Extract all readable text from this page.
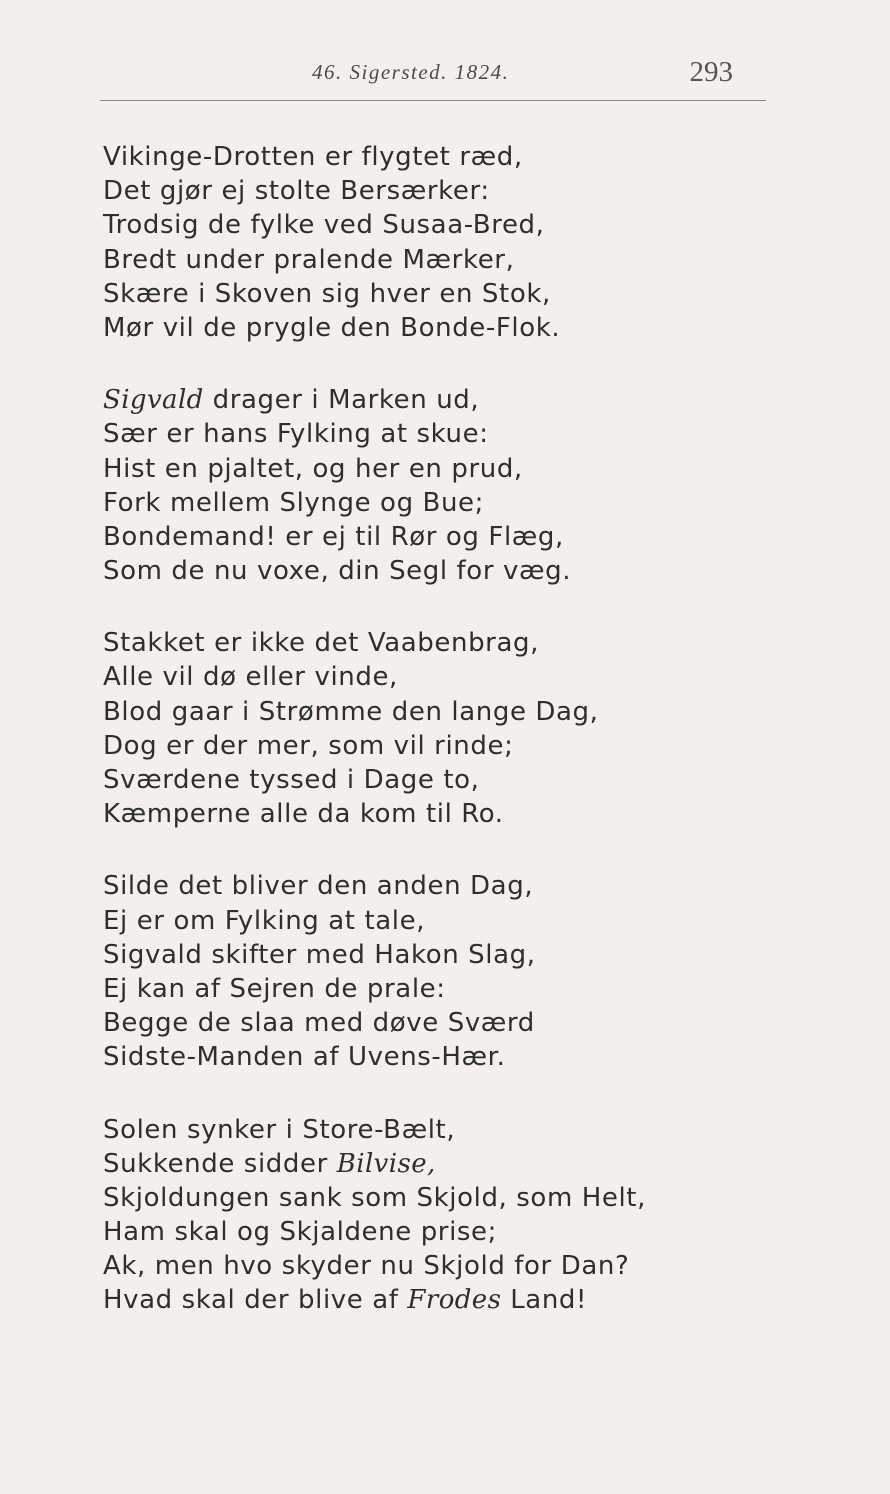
46. Sigersted. 1824.	293
Vikinge-Drotten er flygtet ræd,
Det gjør ej stolte Bersærker:
Trodsig de fylke ved Susaa-Bred,
Bredt under pralende Mærker,
Skære i Skoven sig hver en Stok,
Mør vil de prygle den Bonde-Flok.
Sigvald drager i Marken ud,
Sær er hans Fylking at skue:
Hist en pjaltet, og her en prud,
Fork mellem Slynge og Bue;
Bondemand! er ej til Rør og Flæg,
Som de nu voxe, din Segl for væg.
Stakket er ikke det Vaabenbrag,
Alle vil dø eller vinde,
Blod gaar i Strømme den lange Dag,
Dog er der mer, som vil rinde;
Sværdene tyssed i Dage to,
Kæmperne alle da kom til Ro.
Silde det bliver den anden Dag,
Ej er om Fylking at tale,
Sigvald skifter med Hakon Slag,
Ej kan af Sejren de prale:
Begge de slaa med døve Sværd
Sidste-Manden af Uvens-Hær.
Solen synker i Store-Bælt,
Sukkende sidder Bilvise,
Skjoldungen sank som Skjold, som Helt,
Ham skal og Skjaldene prise;
Ak, men hvo skyder nu Skjold for Dan?
Hvad skal der blive af Frodes Land!
